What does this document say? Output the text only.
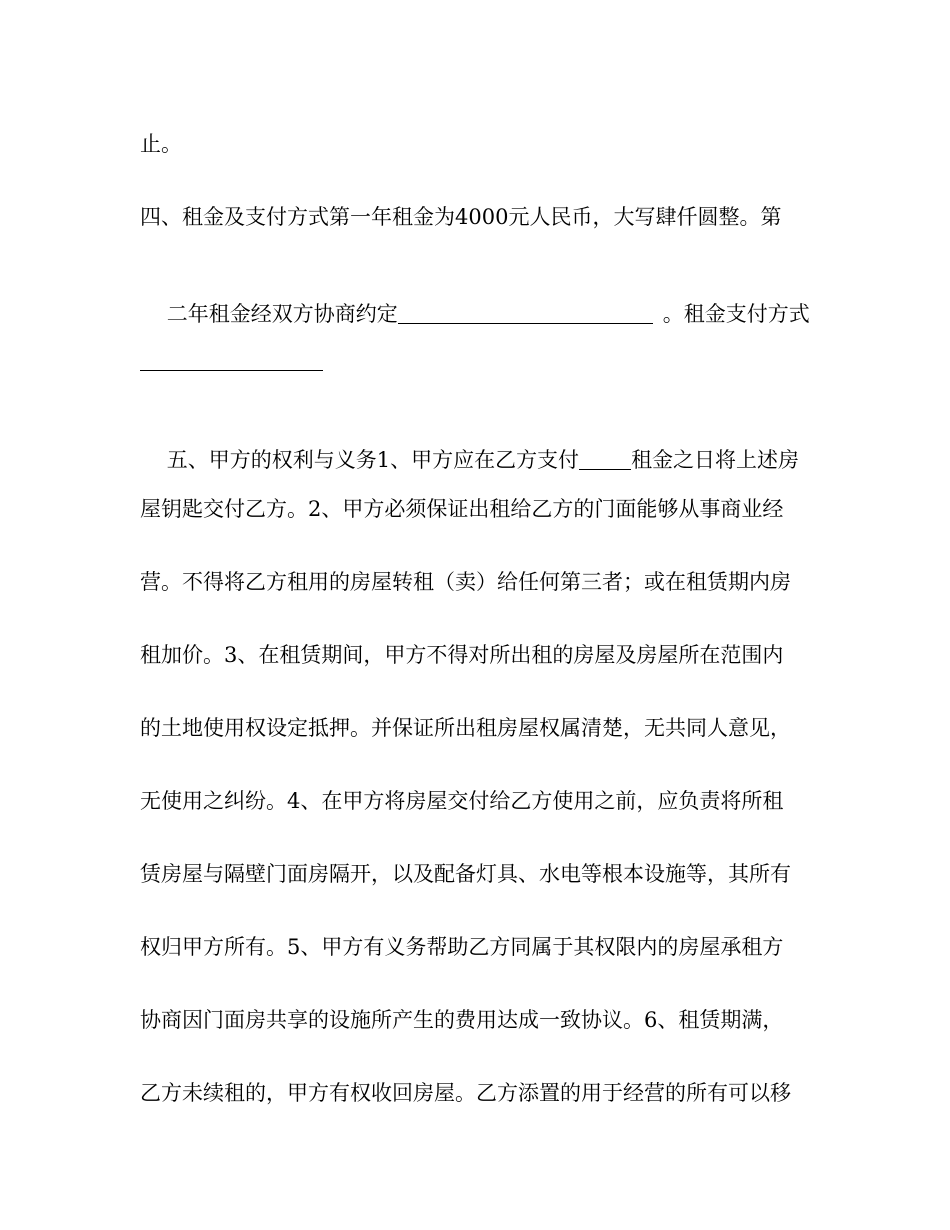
止。
四、租金及支付方式第一年租金为4000元人民币，大写肆仟圆整。第

二年租金经双方协商约定	。租金支付方式

五、甲方的权利与义务1、甲方应在乙方支付 租金之日将上述房

屋钥匙交付乙方。2、甲方必须保证出租给乙方的门面能够从事商业经
营。不得将乙方租用的房屋转租（卖）给任何第三者；或在租赁期内房
租加价。3、在租赁期间，甲方不得对所出租的房屋及房屋所在范围内
的土地使用权设定抵押。并保证所出租房屋权属清楚，无共同人意见，
无使用之纠纷。4、在甲方将房屋交付给乙方使用之前，应负责将所租
赁房屋与隔壁门面房隔开，以及配备灯具、水电等根本设施等，其所有
权归甲方所有。5、甲方有义务帮助乙方同属于其权限内的房屋承租方
协商因门面房共享的设施所产生的费用达成一致协议。6、租赁期满，
乙方未续租的，甲方有权收回房屋。乙方添置的用于经营的所有可以移
